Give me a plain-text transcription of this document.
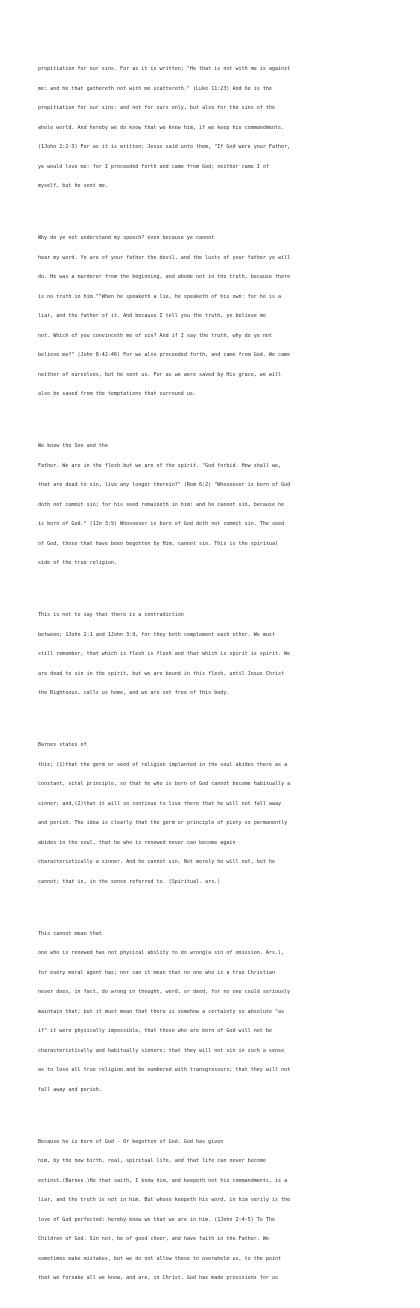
propitiation for our sins. For as it is written; "He that is not with me is against

me: and he that gathereth not with me scattereth." (Luke 11:23) And he is the

propitiation for our sins: and not for ours only, but also for the sins of the

whole world. And hereby we do know that we know him, if we keep his commandments.

(1John 2:2-3) For as it is written; Jesus said unto them, "If God were your Father,

ye would love me: for I proceeded forth and came from God; neither came I of

myself, but he sent me.

Why do ye not understand my speech? even because ye cannot

hear my word. Ye are of your father the devil, and the lusts of your father ye will

do. He was a murderer from the beginning, and abode not in the truth, because there

is no truth in him.""When he speaketh a lie, he speaketh of his own: for he is a

liar, and the father of it. And because I tell you the truth, ye believe me

not. Which of you convinceth me of sin? And if I say the truth, why do ye not

believe me?" (John 8:42-46) For we also proceeded forth, and came from God. We came

neither of ourselves, but he sent us. For as we were saved by His grace, we will

also be saved from the temptations that surround us.

We know the Son and the

Father. We are in the flesh but we are of the spirit. "God forbid. How shall we,

that are dead to sin, live any longer therein?" (Rom 6:2) "Whosoever is born of God

doth not commit sin; for his seed remaineth in him: and he cannot sin, because he

is born of God." (1Jn 3:9) Whosoever is born of God doth not commit sin. The seed

of God, those that have been begotten by Him, cannot sin. This is the spiritual

side of the true religion.

This is not to say that there is a contradiction

between; 1John 2:1 and 1John 3:9, for they both complement each other. We must

still remember, that which is flesh is flesh and that which is spirit is spirit. We

are dead to sin in the spirit, but we are bound in this flesh, until Jesus Christ

the Righteous, calls us home, and we are set free of this body.

Barnes states of

this; (1)that the germ or seed of religion implanted in the soul abides there as a

constant, vital principle, so that he who is born of God cannot become habitually a

sinner; and,(2)that it will so continue to live there that he will not fall away

and perish. The idea is clearly that the germ or principle of piety so permanently

abides in the soul, that he who is renewed never can become again

characteristically a sinner. And he cannot sin. Not merely he will not, but he

cannot; that is, in the sense referred to. (Spiritual. ars.)

This cannot mean that

one who is renewed has not physical ability to do wrong(a sin of omission. Ars.),

for every moral agent has; nor can it mean that no one who is a true Christian

never does, in fact, do wrong in thought, word, or deed, for no one could seriously

maintain that; but it must mean that there is somehow a certainty so absolute "as

if" it were physically impossible, that those who are born of God will not be

characteristically and habitually sinners; that they will not sin in such a sense

as to lose all true religion and be numbered with transgressors; that they will not

fall away and perish.

Because he is born of God - Or begotten of God. God has given

him, by the new birth, real, spiritual life, and that life can never become

extinct.(Barnes.)He that saith, I know him, and keepeth not his commandments, is a

liar, and the truth is not in him. But whoso keepeth his word, in him verily is the

love of God perfected: hereby know we that we are in him. (1John 2:4-5) To The

Children of God. Sin not, be of good cheer, and have faith in the Father. We

sometimes make mistakes, but we do not allow these to overwhelm us, to the point

that we forsake all we know, and are, in Christ. God has made provisions for us
